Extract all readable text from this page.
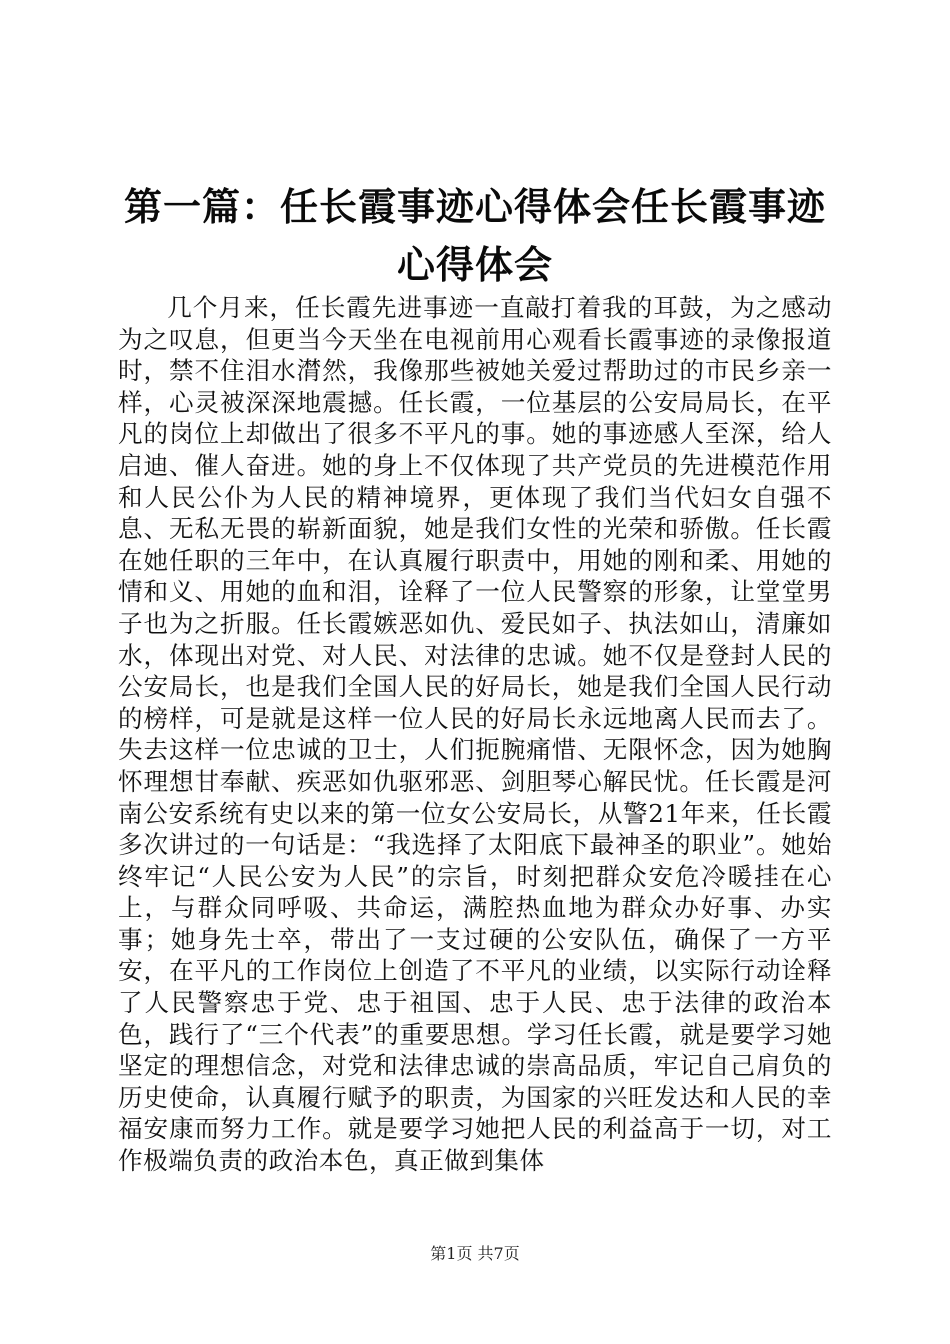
第一篇：任长霞事迹心得体会任长霞事迹心得体会

几个月来，任长霞先进事迹一直敲打着我的耳鼓，为之感动为之叹息，但更当今天坐在电视前用心观看长霞事迹的录像报道时，禁不住泪水潸然，我像那些被她关爱过帮助过的市民乡亲一样，心灵被深深地震撼。任长霞，一位基层的公安局局长，在平凡的岗位上却做出了很多不平凡的事。她的事迹感人至深，给人启迪、催人奋进。她的身上不仅体现了共产党员的先进模范作用和人民公仆为人民的精神境界，更体现了我们当代妇女自强不息、无私无畏的崭新面貌，她是我们女性的光荣和骄傲。任长霞在她任职的三年中，在认真履行职责中，用她的刚和柔、用她的情和义、用她的血和泪，诠释了一位人民警察的形象，让堂堂男子也为之折服。任长霞嫉恶如仇、爱民如子、执法如山，清廉如水，体现出对党、对人民、对法律的忠诚。她不仅是登封人民的公安局长，也是我们全国人民的好局长，她是我们全国人民行动的榜样，可是就是这样一位人民的好局长永远地离人民而去了。失去这样一位忠诚的卫士，人们扼腕痛惜、无限怀念，因为她胸怀理想甘奉献、疾恶如仇驱邪恶、剑胆琴心解民忧。任长霞是河南公安系统有史以来的第一位女公安局长，从警21年来，任长霞多次讲过的一句话是：“我选择了太阳底下最神圣的职业”。她始终牢记“人民公安为人民”的宗旨，时刻把群众安危冷暖挂在心上，与群众同呼吸、共命运，满腔热血地为群众办好事、办实事；她身先士卒，带出了一支过硬的公安队伍，确保了一方平安，在平凡的工作岗位上创造了不平凡的业绩，以实际行动诠释了人民警察忠于党、忠于祖国、忠于人民、忠于法律的政治本色，践行了“三个代表”的重要思想。学习任长霞，就是要学习她坚定的理想信念，对党和法律忠诚的崇高品质，牢记自己肩负的历史使命，认真履行赋予的职责，为国家的兴旺发达和人民的幸福安康而努力工作。就是要学习她把人民的利益高于一切，对工作极端负责的政治本色，真正做到集体

第1页 共7页
